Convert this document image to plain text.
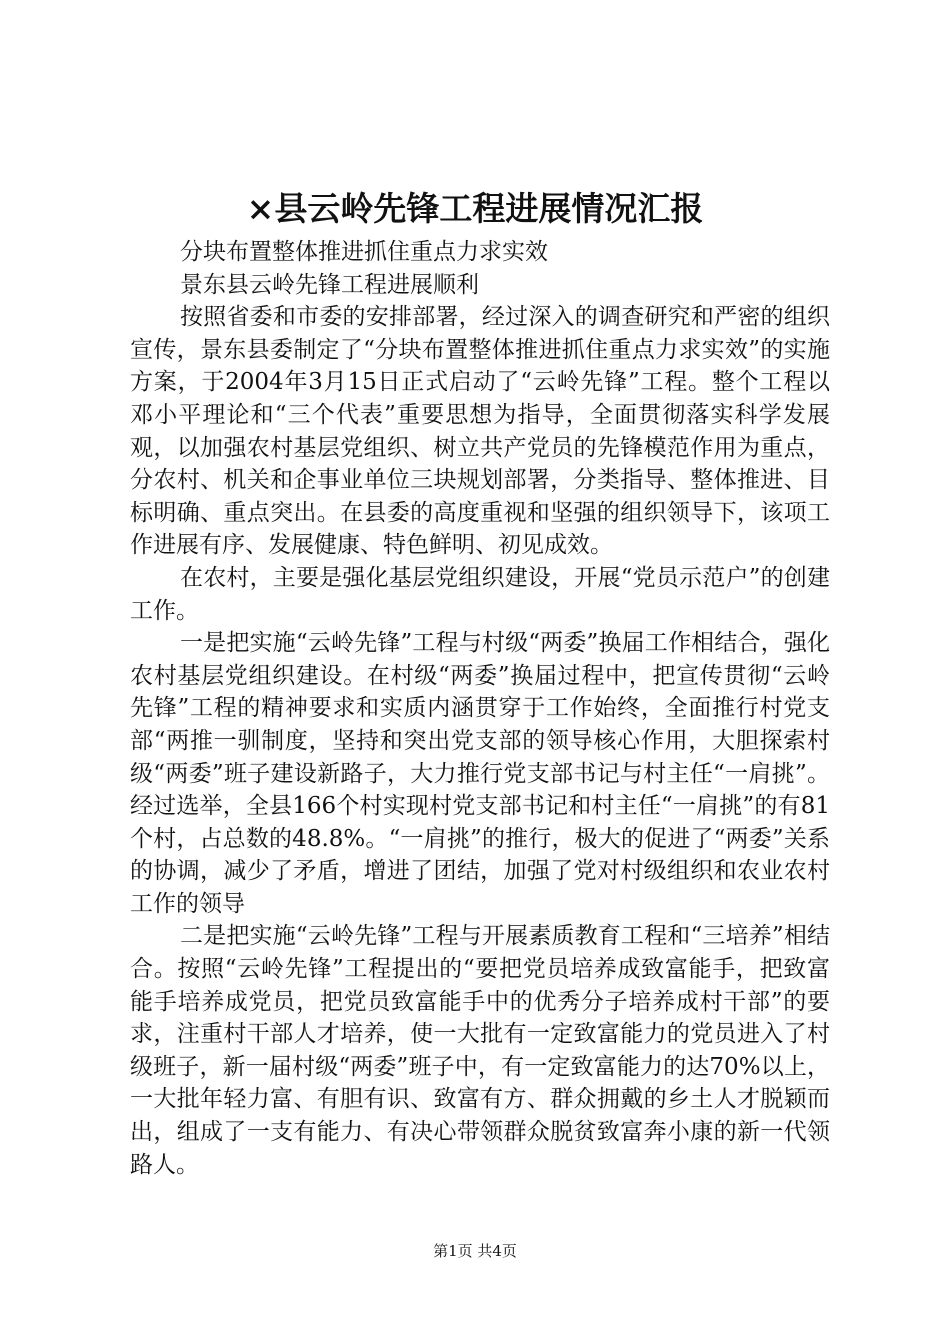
×县云岭先锋工程进展情况汇报

分块布置整体推进抓住重点力求实效

景东县云岭先锋工程进展顺利

按照省委和市委的安排部署，经过深入的调查研究和严密的组织宣传，景东县委制定了“分块布置整体推进抓住重点力求实效”的实施方案，于2004年3月15日正式启动了“云岭先锋”工程。整个工程以邓小平理论和“三个代表”重要思想为指导，全面贯彻落实科学发展观，以加强农村基层党组织、树立共产党员的先锋模范作用为重点，分农村、机关和企事业单位三块规划部署，分类指导、整体推进、目标明确、重点突出。在县委的高度重视和坚强的组织领导下，该项工作进展有序、发展健康、特色鲜明、初见成效。

在农村，主要是强化基层党组织建设，开展“党员示范户”的创建工作。

一是把实施“云岭先锋”工程与村级“两委”换届工作相结合，强化农村基层党组织建设。在村级“两委”换届过程中，把宣传贯彻“云岭先锋”工程的精神要求和实质内涵贯穿于工作始终，全面推行村党支部“两推一驯制度，坚持和突出党支部的领导核心作用，大胆探索村级“两委”班子建设新路子，大力推行党支部书记与村主任“一肩挑”。经过选举，全县166个村实现村党支部书记和村主任“一肩挑”的有81个村，占总数的48.8%。“一肩挑”的推行，极大的促进了“两委”关系的协调，减少了矛盾，增进了团结，加强了党对村级组织和农业农村工作的领导

二是把实施“云岭先锋”工程与开展素质教育工程和“三培养”相结合。按照“云岭先锋”工程提出的“要把党员培养成致富能手，把致富能手培养成党员，把党员致富能手中的优秀分子培养成村干部”的要求，注重村干部人才培养，使一大批有一定致富能力的党员进入了村级班子，新一届村级“两委”班子中，有一定致富能力的达70%以上，一大批年轻力富、有胆有识、致富有方、群众拥戴的乡土人才脱颖而出，组成了一支有能力、有决心带领群众脱贫致富奔小康的新一代领路人。

第1页 共4页
